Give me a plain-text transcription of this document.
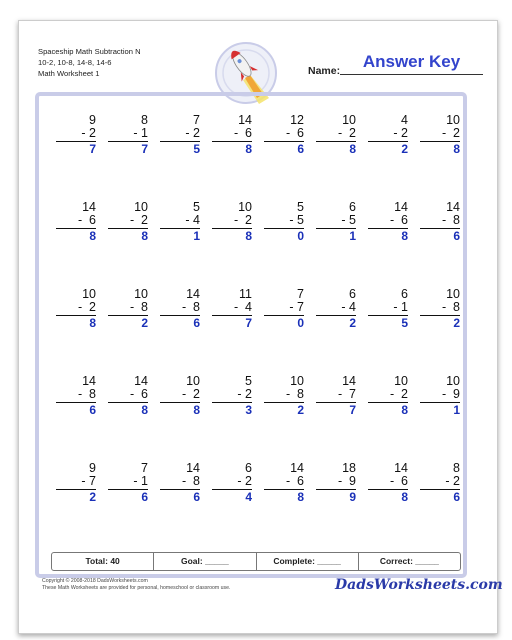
Spaceship Math Subtraction N
10-2, 10-8, 14-8, 14-6
Math Worksheet 1	Name:	Answer Key
9
- 2
7
8
- 1
7
7
- 2
5
14
-  6
8
12
-  6
6
10
-  2
8
4
- 2
2
10
-  2
8
14
-  6
8
10
-  2
8
5
- 4
1
10
-  2
8
5
- 5
0
6
- 5
1
14
-  6
8
14
-  8
6
10
-  2
8
10
-  8
2
14
-  8
6
11
-  4
7
7
- 7
0
6
- 4
2
6
- 1
5
10
-  8
2
14
-  8
6
14
-  6
8
10
-  2
8
5
- 2
3
10
-  8
2
14
-  7
7
10
-  2
8
10
-  9
1
9
- 7
2
7
- 1
6
14
-  8
6
6
- 2
4
14
-  6
8
18
-  9
9
14
-  6
8
8
- 2
6
Total: 40	Goal: _____	Complete: _____	Correct: _____
Copyright © 2008-2018 DadsWorksheets.com
These Math Worksheets are provided for personal, homeschool or classroom use.	DadsWorksheets.com
